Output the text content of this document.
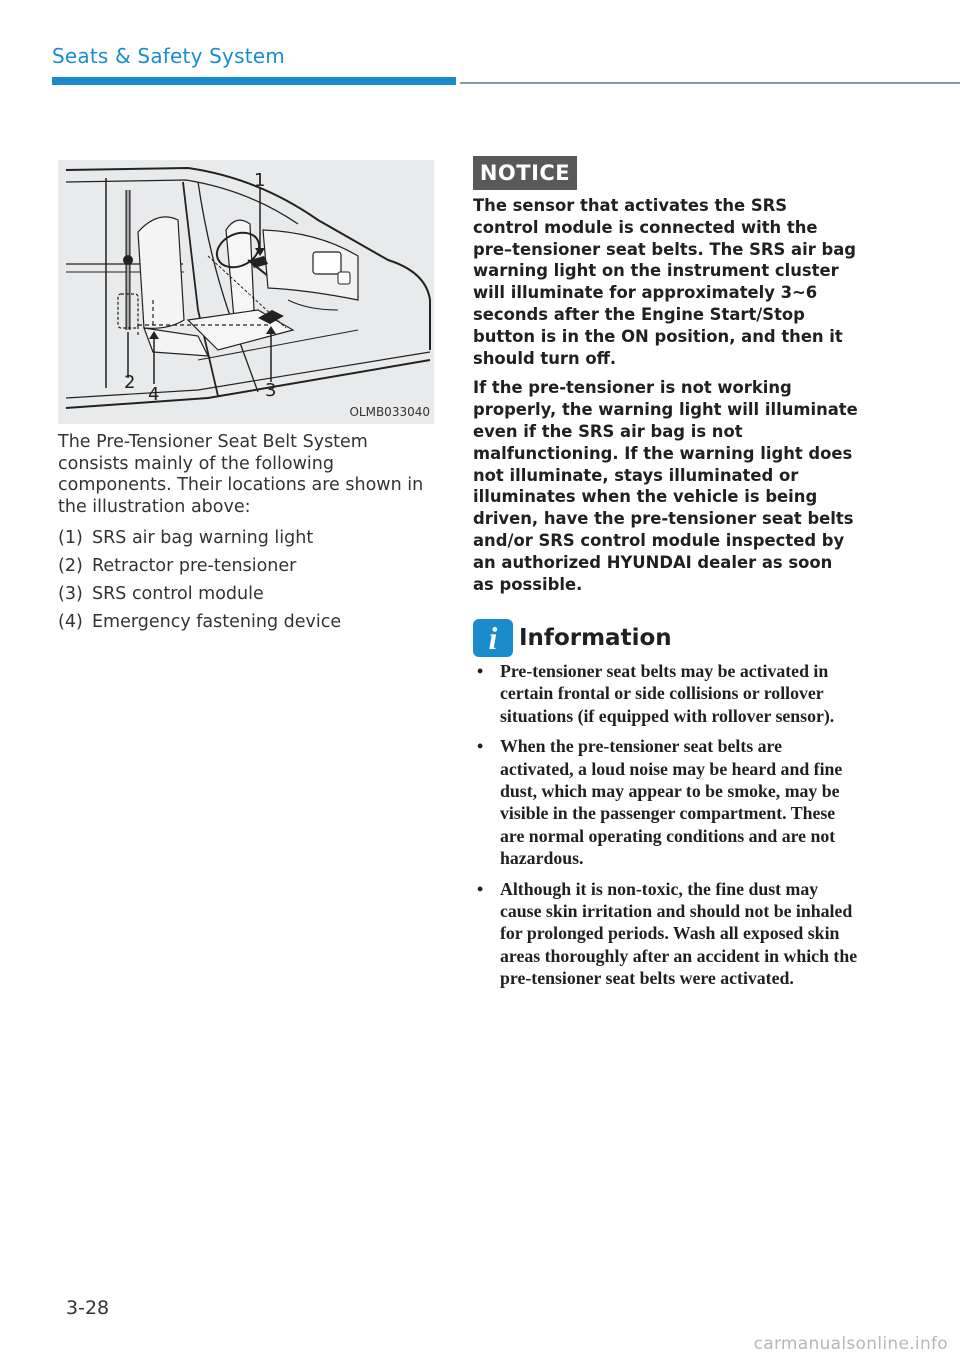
Seats & Safety System
1
2	3
4
OLMB033040

The Pre-Tensioner Seat Belt System consists mainly of the following components. Their locations are shown in the illustration above:

(1) SRS air bag warning light
(2) Retractor pre-tensioner
(3) SRS control module
(4) Emergency fastening device
NOTICE

The sensor that activates the SRS control module is connected with the pre–tensioner seat belts. The SRS air bag warning light on the instrument cluster will illuminate for approximately 3~6 seconds after the Engine Start/Stop button is in the ON position, and then it should turn off.

If the pre-tensioner is not working properly, the warning light will illuminate even if the SRS air bag is not malfunctioning. If the warning light does not illuminate, stays illuminated or illuminates when the vehicle is being driven, have the pre-tensioner seat belts and/or SRS control module inspected by an authorized HYUNDAI dealer as soon as possible.

i Information
• Pre-tensioner seat belts may be activated in certain frontal or side collisions or rollover situations (if equipped with rollover sensor).
• When the pre-tensioner seat belts are activated, a loud noise may be heard and fine dust, which may appear to be smoke, may be visible in the passenger compartment. These are normal operating conditions and are not hazardous.
• Although it is non-toxic, the fine dust may cause skin irritation and should not be inhaled for prolonged periods. Wash all exposed skin areas thoroughly after an accident in which the pre-tensioner seat belts were activated.
3-28
carmanualsonline.info
